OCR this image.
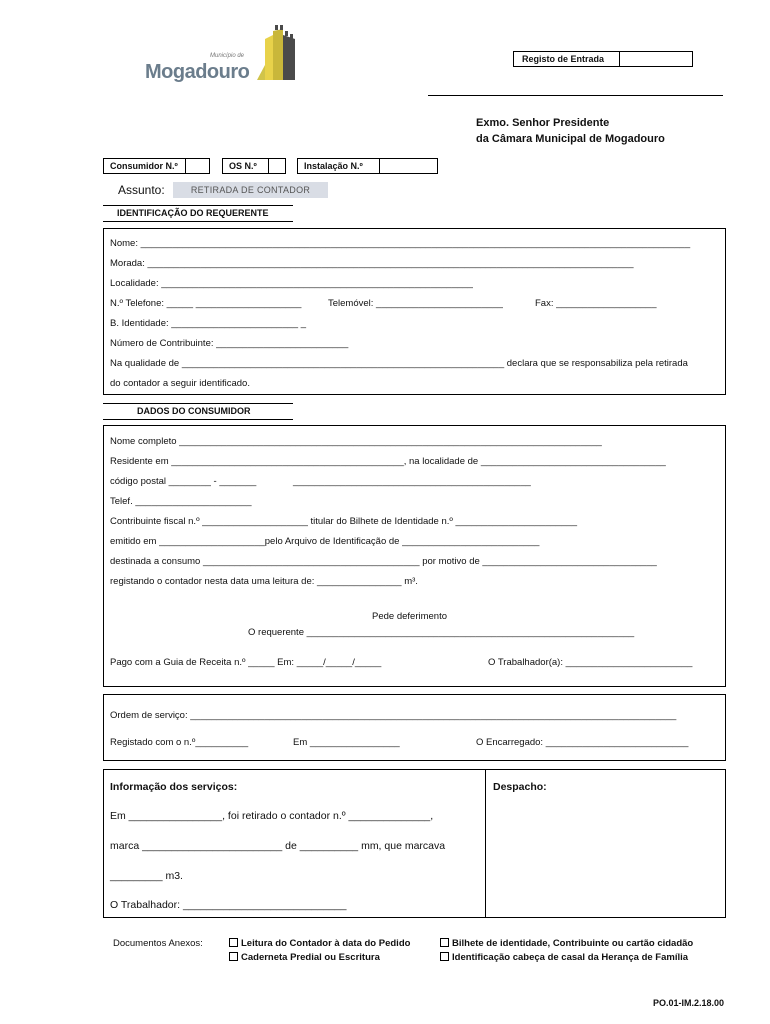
Município de
Mogadouro
Registo de Entrada
Exmo. Senhor Presidente
da Câmara Municipal de Mogadouro
Consumidor N.º	OS N.º	Instalação N.º
Assunto:	RETIRADA DE CONTADOR
IDENTIFICAÇÃO DO REQUERENTE
Nome: ________________________________________________________________________________________________________
Morada: ____________________________________________________________________________________________
Localidade: ___________________________________________________________
N.º Telefone: _____ ____________________	Telemóvel: ________________________	Fax: ___________________
B. Identidade: ________________________ _
Número de Contribuinte: _________________________
Na qualidade de _____________________________________________________________ declara que se responsabiliza pela retirada
do contador a seguir identificado.
DADOS DO CONSUMIDOR
Nome completo ________________________________________________________________________________
Residente em ____________________________________________, na localidade de ___________________________________
código postal ________ - _______	_____________________________________________
Telef. ______________________
Contribuinte fiscal n.º ____________________ titular do Bilhete de Identidade n.º _______________________
emitido em ____________________pelo Arquivo de Identificação de __________________________
destinada a consumo _________________________________________ por motivo de _________________________________
registando o contador nesta data uma leitura de: ________________ m³.
Pede deferimento
O requerente ______________________________________________________________
Pago com a Guia de Receita n.º _____ Em: _____/_____/_____	O Trabalhador(a): ________________________
Ordem de serviço: ____________________________________________________________________________________________
Registado com o n.º__________	Em _________________	O Encarregado: ___________________________
Informação dos serviços:
Em ________________, foi retirado o contador n.º ______________,
marca ________________________ de __________ mm, que marcava
_________ m3.
O Trabalhador: ____________________________
Despacho:
Documentos Anexos:	Leitura do Contador à data do Pedido
Caderneta Predial ou Escritura
Bilhete de identidade, Contribuinte ou cartão cidadão
Identificação cabeça de casal da Herança de Família
PO.01-IM.2.18.00
